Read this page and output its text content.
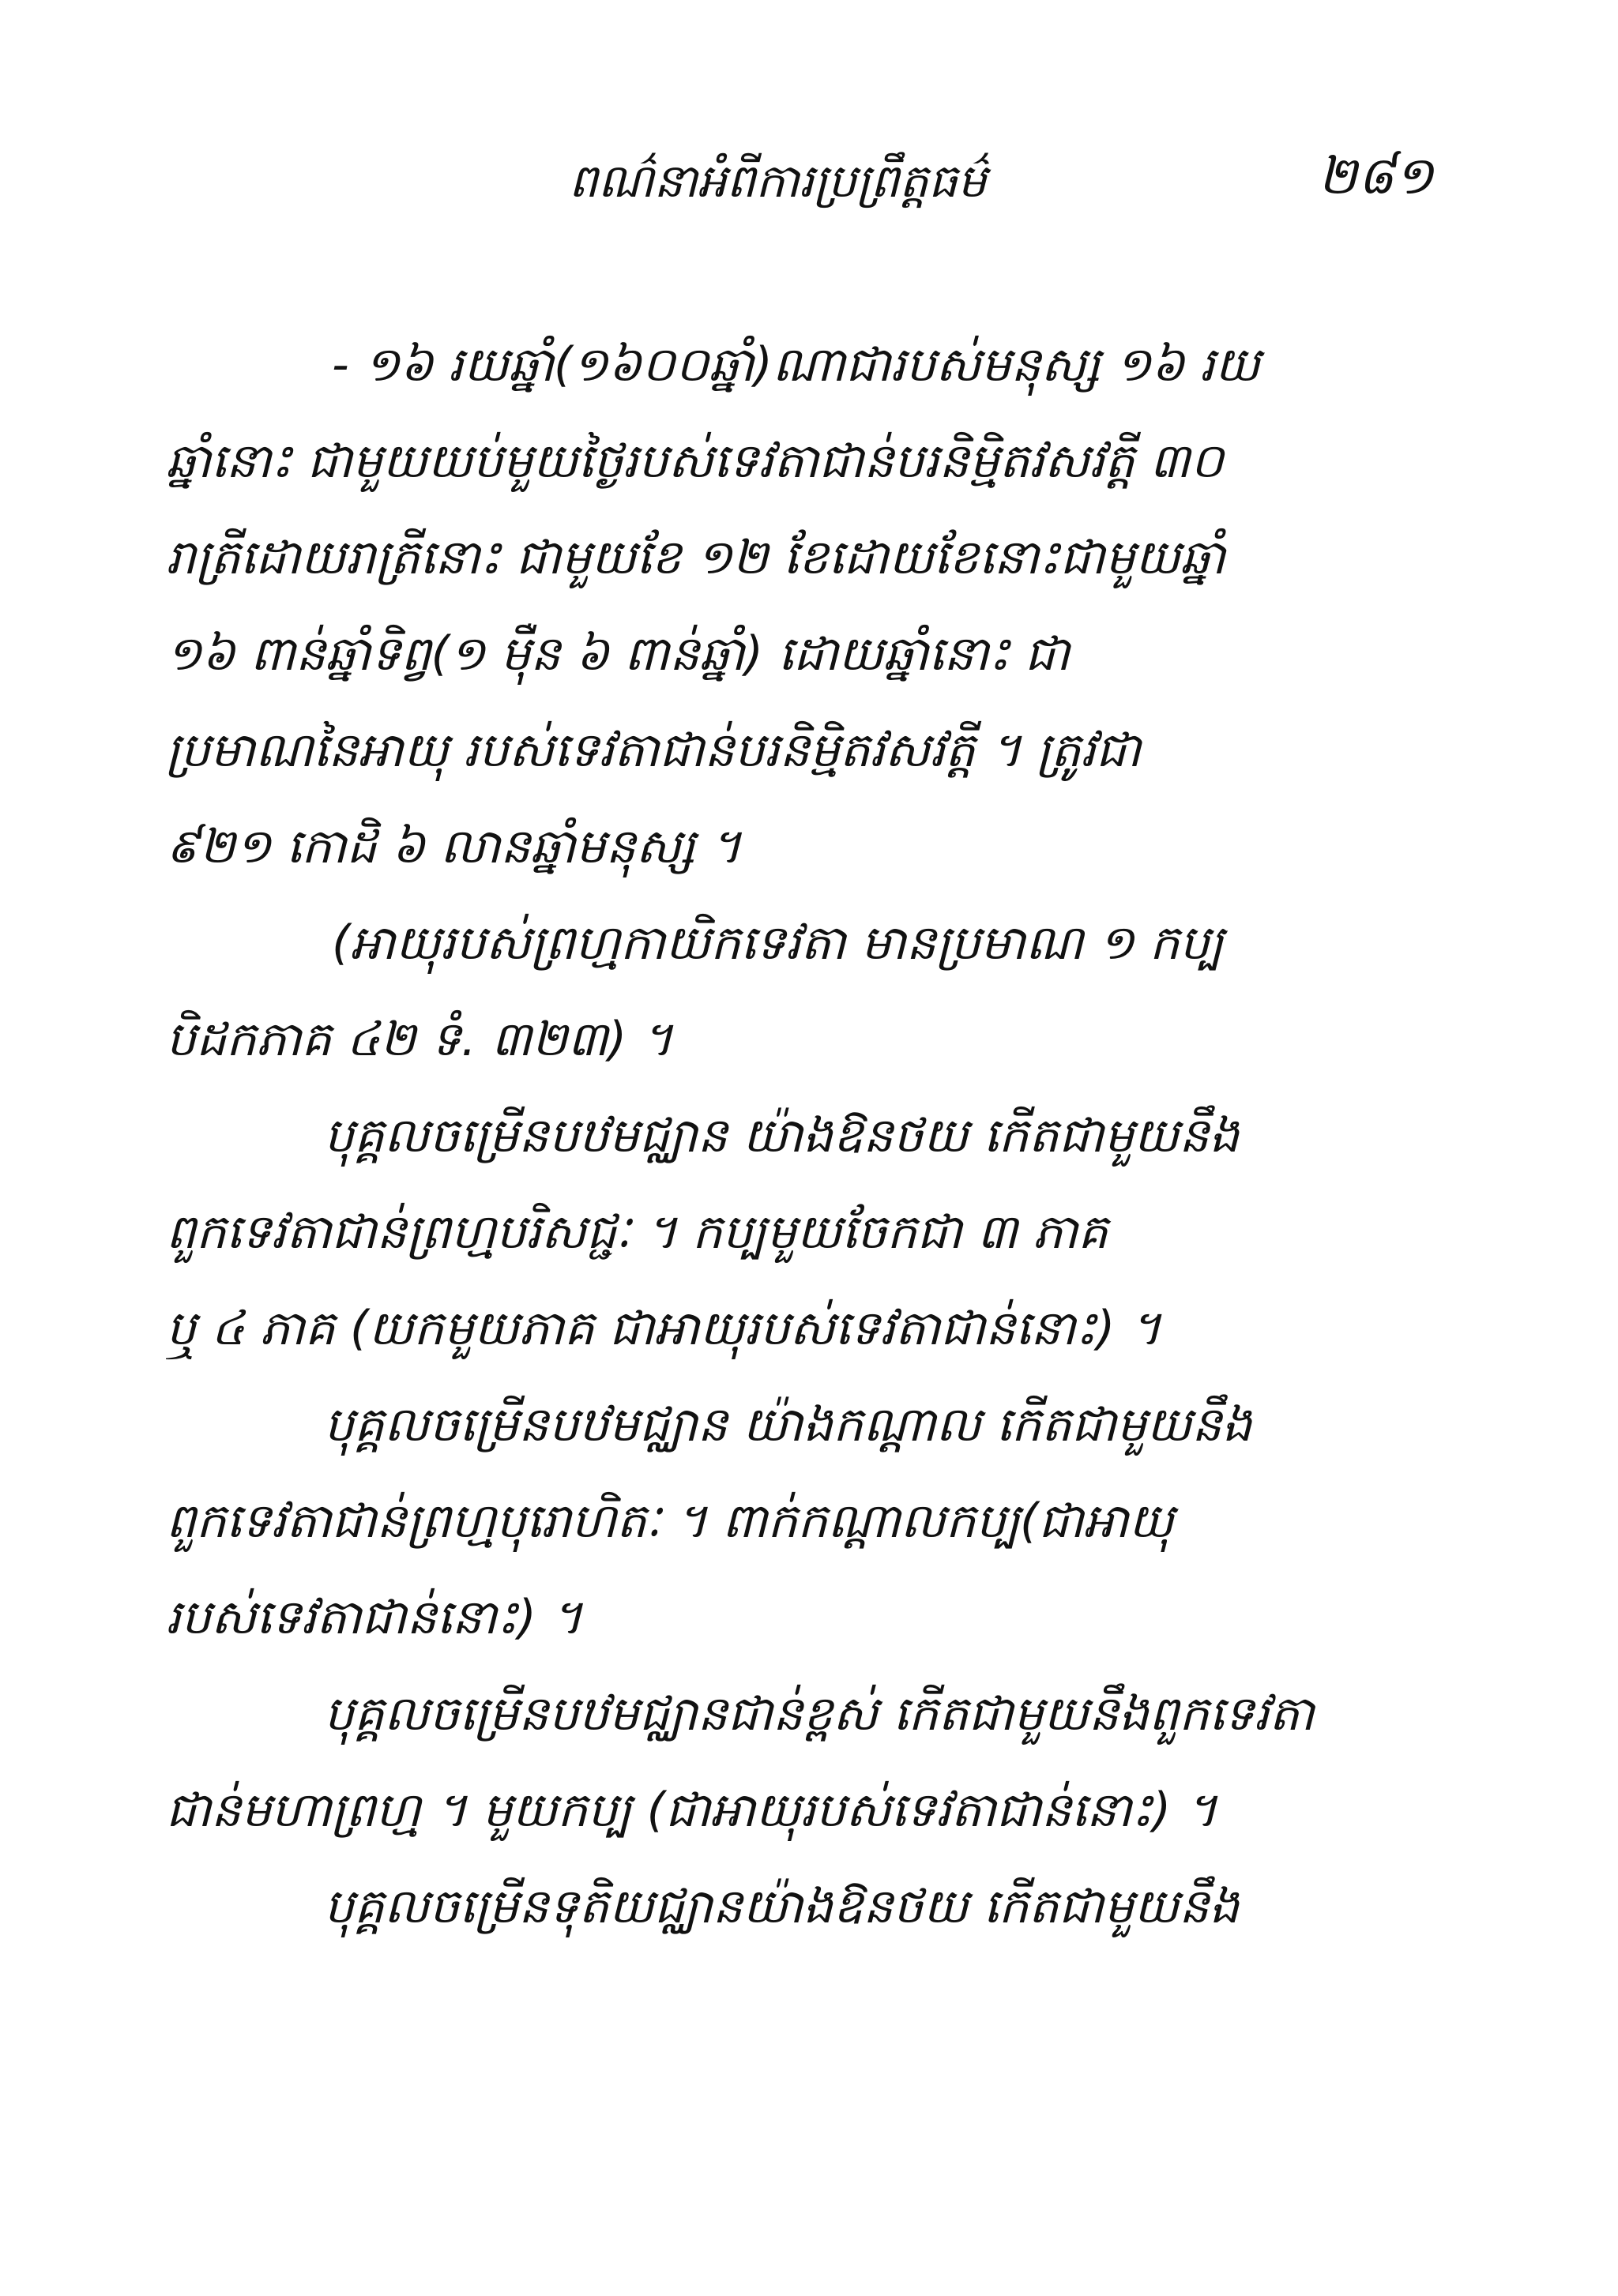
ពណ៌នាអំពីការប្រព្រឹត្តធម៌	២៨១
- ១៦ រយឆ្នាំ(១៦០០ឆ្នាំ)ណាជារបស់មនុស្ស ១៦ រយ
ឆ្នាំនោះ ជាមួយយប់មួយថ្ងៃរបស់ទេវតាជាន់បរនិម្មិតវសវត្តី ៣០
រាត្រីដោយរាត្រីនោះ ជាមួយខែ ១២ ខែដោយខែនោះជាមួយឆ្នាំ
១៦ ពាន់ឆ្នាំទិព្វ(១ ម៉ឺន ៦ ពាន់ឆ្នាំ) ដោយឆ្នាំនោះ ជា
ប្រមាណនៃអាយុ របស់ទេវតាជាន់បរនិម្មិតវសវត្តី ។ ត្រូវជា
៩២១ កោដិ ៦ លានឆ្នាំមនុស្ស ។
(អាយុរបស់ព្រហ្មកាយិកទេវតា មានប្រមាណ ១ កប្ប
បិដកភាគ ៤២ ទំ. ៣២៣) ។
បុគ្គលចម្រើនបឋមជ្ឈាន យ៉ាងឱនថយ កើតជាមួយនឹង
ពួកទេវតាជាន់ព្រហ្មបរិសជ្ជៈ ។ កប្បមួយចែកជា ៣ ភាគ
ឬ ៤ ភាគ (យកមួយភាគ ជាអាយុរបស់ទេវតាជាន់នោះ) ។
បុគ្គលចម្រើនបឋមជ្ឈាន យ៉ាងកណ្តាល កើតជាមួយនឹង
ពួកទេវតាជាន់ព្រហ្មបុរោហិតៈ ។ ពាក់កណ្តាលកប្ប(ជាអាយុ
របស់ទេវតាជាន់នោះ) ។
បុគ្គលចម្រើនបឋមជ្ឈានជាន់ខ្ពស់ កើតជាមួយនឹងពួកទេវតា
ជាន់មហាព្រហ្ម ។ មួយកប្ប (ជាអាយុរបស់ទេវតាជាន់នោះ) ។
បុគ្គលចម្រើនទុតិយជ្ឈានយ៉ាងឱនថយ កើតជាមួយនឹង
